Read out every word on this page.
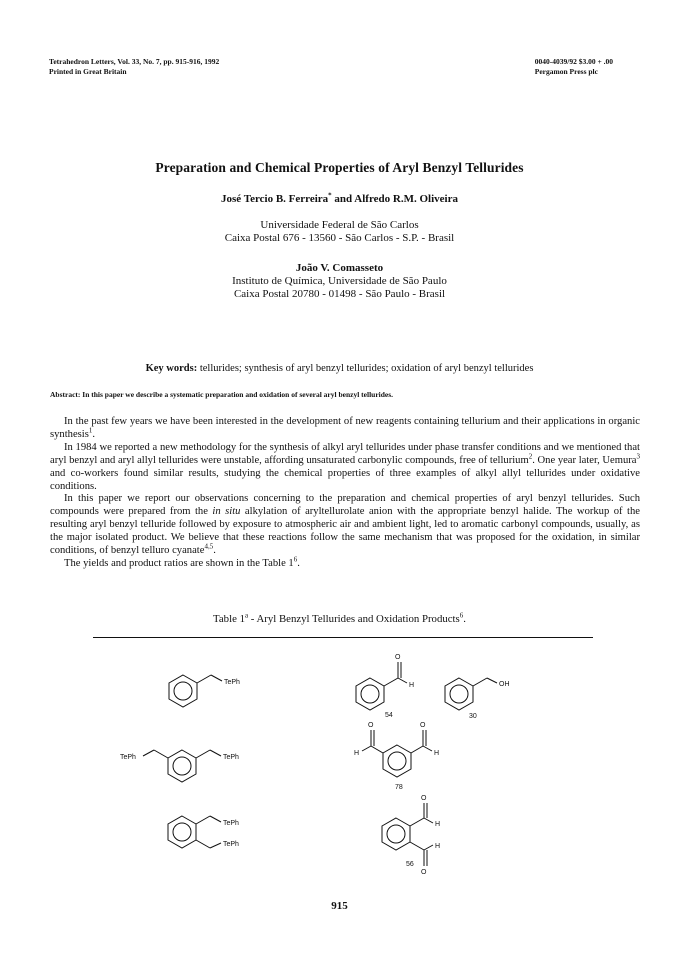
Tetrahedron Letters, Vol. 33, No. 7, pp. 915-916, 1992
Printed in Great Britain
0040-4039/92 $3.00 + .00
Pergamon Press plc
Preparation and Chemical Properties of Aryl Benzyl Tellurides
José Tercio B. Ferreira* and Alfredo R.M. Oliveira
Universidade Federal de São Carlos
Caixa Postal 676 - 13560 - São Carlos - S.P. - Brasil
João V. Comasseto
Instituto de Química, Universidade de São Paulo
Caixa Postal 20780 - 01498 - São Paulo - Brasil
Key words: tellurides; synthesis of aryl benzyl tellurides; oxidation of aryl benzyl tellurides
Abstract: In this paper we describe a systematic preparation and oxidation of several aryl benzyl tellurides.

In the past few years we have been interested in the development of new reagents containing tellurium and their applications in organic synthesis$^1$.

In 1984 we reported a new methodology for the synthesis of alkyl aryl tellurides under phase transfer conditions and we mentioned that aryl benzyl and aryl allyl tellurides were unstable, affording unsaturated carbonylic compounds, free of tellurium$^2$. One year later, Uemura$^3$ and co-workers found similar results, studying the chemical properties of three examples of alkyl allyl tellurides under oxidative conditions.

In this paper we report our observations concerning to the preparation and chemical properties of aryl benzyl tellurides. Such compounds were prepared from the in situ alkylation of aryltellurolate anion with the appropriate benzyl halide. The workup of the resulting aryl benzyl telluride followed by exposure to atmospheric air and ambient light, led to aromatic carbonyl compounds, usually, as the major isolated product. We believe that these reactions follow the same mechanism that was proposed for the oxidation, in similar conditions, of benzyl telluro cyanate$^{4,5}$.

The yields and product ratios are shown in the Table $1^6$.

Table 1$^a$ - Aryl Benzyl Tellurides and Oxidation Products$^6$.
TePh
O
H
54
OH
30
TePh	TePh
O	O
H	H
78
TePh
TePh
O
H
H
O
56
915
